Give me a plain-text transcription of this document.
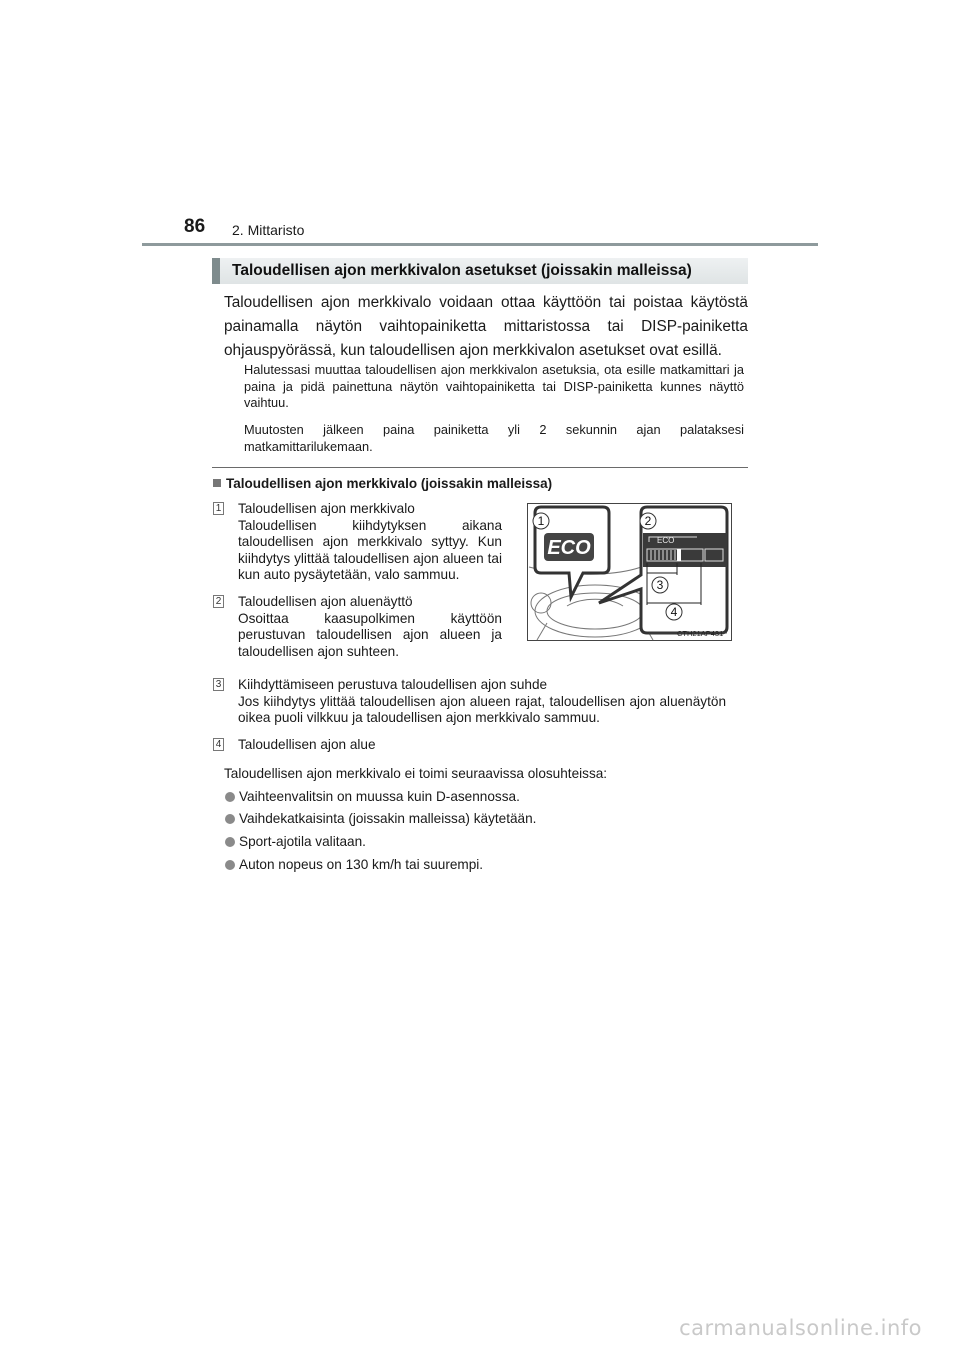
86 2. Mittaristo
Taloudellisen ajon merkkivalon asetukset (joissakin malleissa)
Taloudellisen ajon merkkivalo voidaan ottaa käyttöön tai poistaa käytöstä painamalla näytön vaihtopainiketta mittaristossa tai DISP-painiketta ohjauspyörässä, kun taloudellisen ajon merkkivalon asetukset ovat esillä.
Halutessasi muuttaa taloudellisen ajon merkkivalon asetuksia, ota esille matkamittari ja paina ja pidä painettuna näytön vaihtopainiketta tai DISP-painiketta kunnes näyttö vaihtuu.
Muutosten jälkeen paina painiketta yli 2 sekunnin ajan palataksesi matkamittarilukemaan.
Taloudellisen ajon merkkivalo (joissakin malleissa)
1 Taloudellisen ajon merkkivalo
Taloudellisen kiihdytyksen aikana taloudellisen ajon merkkivalo syttyy. Kun kiihdytys ylittää taloudellisen ajon alueen tai kun auto pysäytetään, valo sammuu.
2 Taloudellisen ajon aluenäyttö
Osoittaa kaasupolkimen käyttöön perustuvan taloudellisen ajon alueen ja taloudellisen ajon suhteen.
3 Kiihdyttämiseen perustuva taloudellisen ajon suhde
Jos kiihdytys ylittää taloudellisen ajon alueen rajat, taloudellisen ajon aluenäytön oikea puoli vilkkuu ja taloudellisen ajon merkkivalo sammuu.
4 Taloudellisen ajon alue
ECO
1	2
ECO
3
4
CTH21AP431
Taloudellisen ajon merkkivalo ei toimi seuraavissa olosuhteissa:
Vaihteenvalitsin on muussa kuin D-asennossa.
Vaihdekatkaisinta (joissakin malleissa) käytetään.
Sport-ajotila valitaan.
Auton nopeus on 130 km/h tai suurempi.
carmanualsonline.info
